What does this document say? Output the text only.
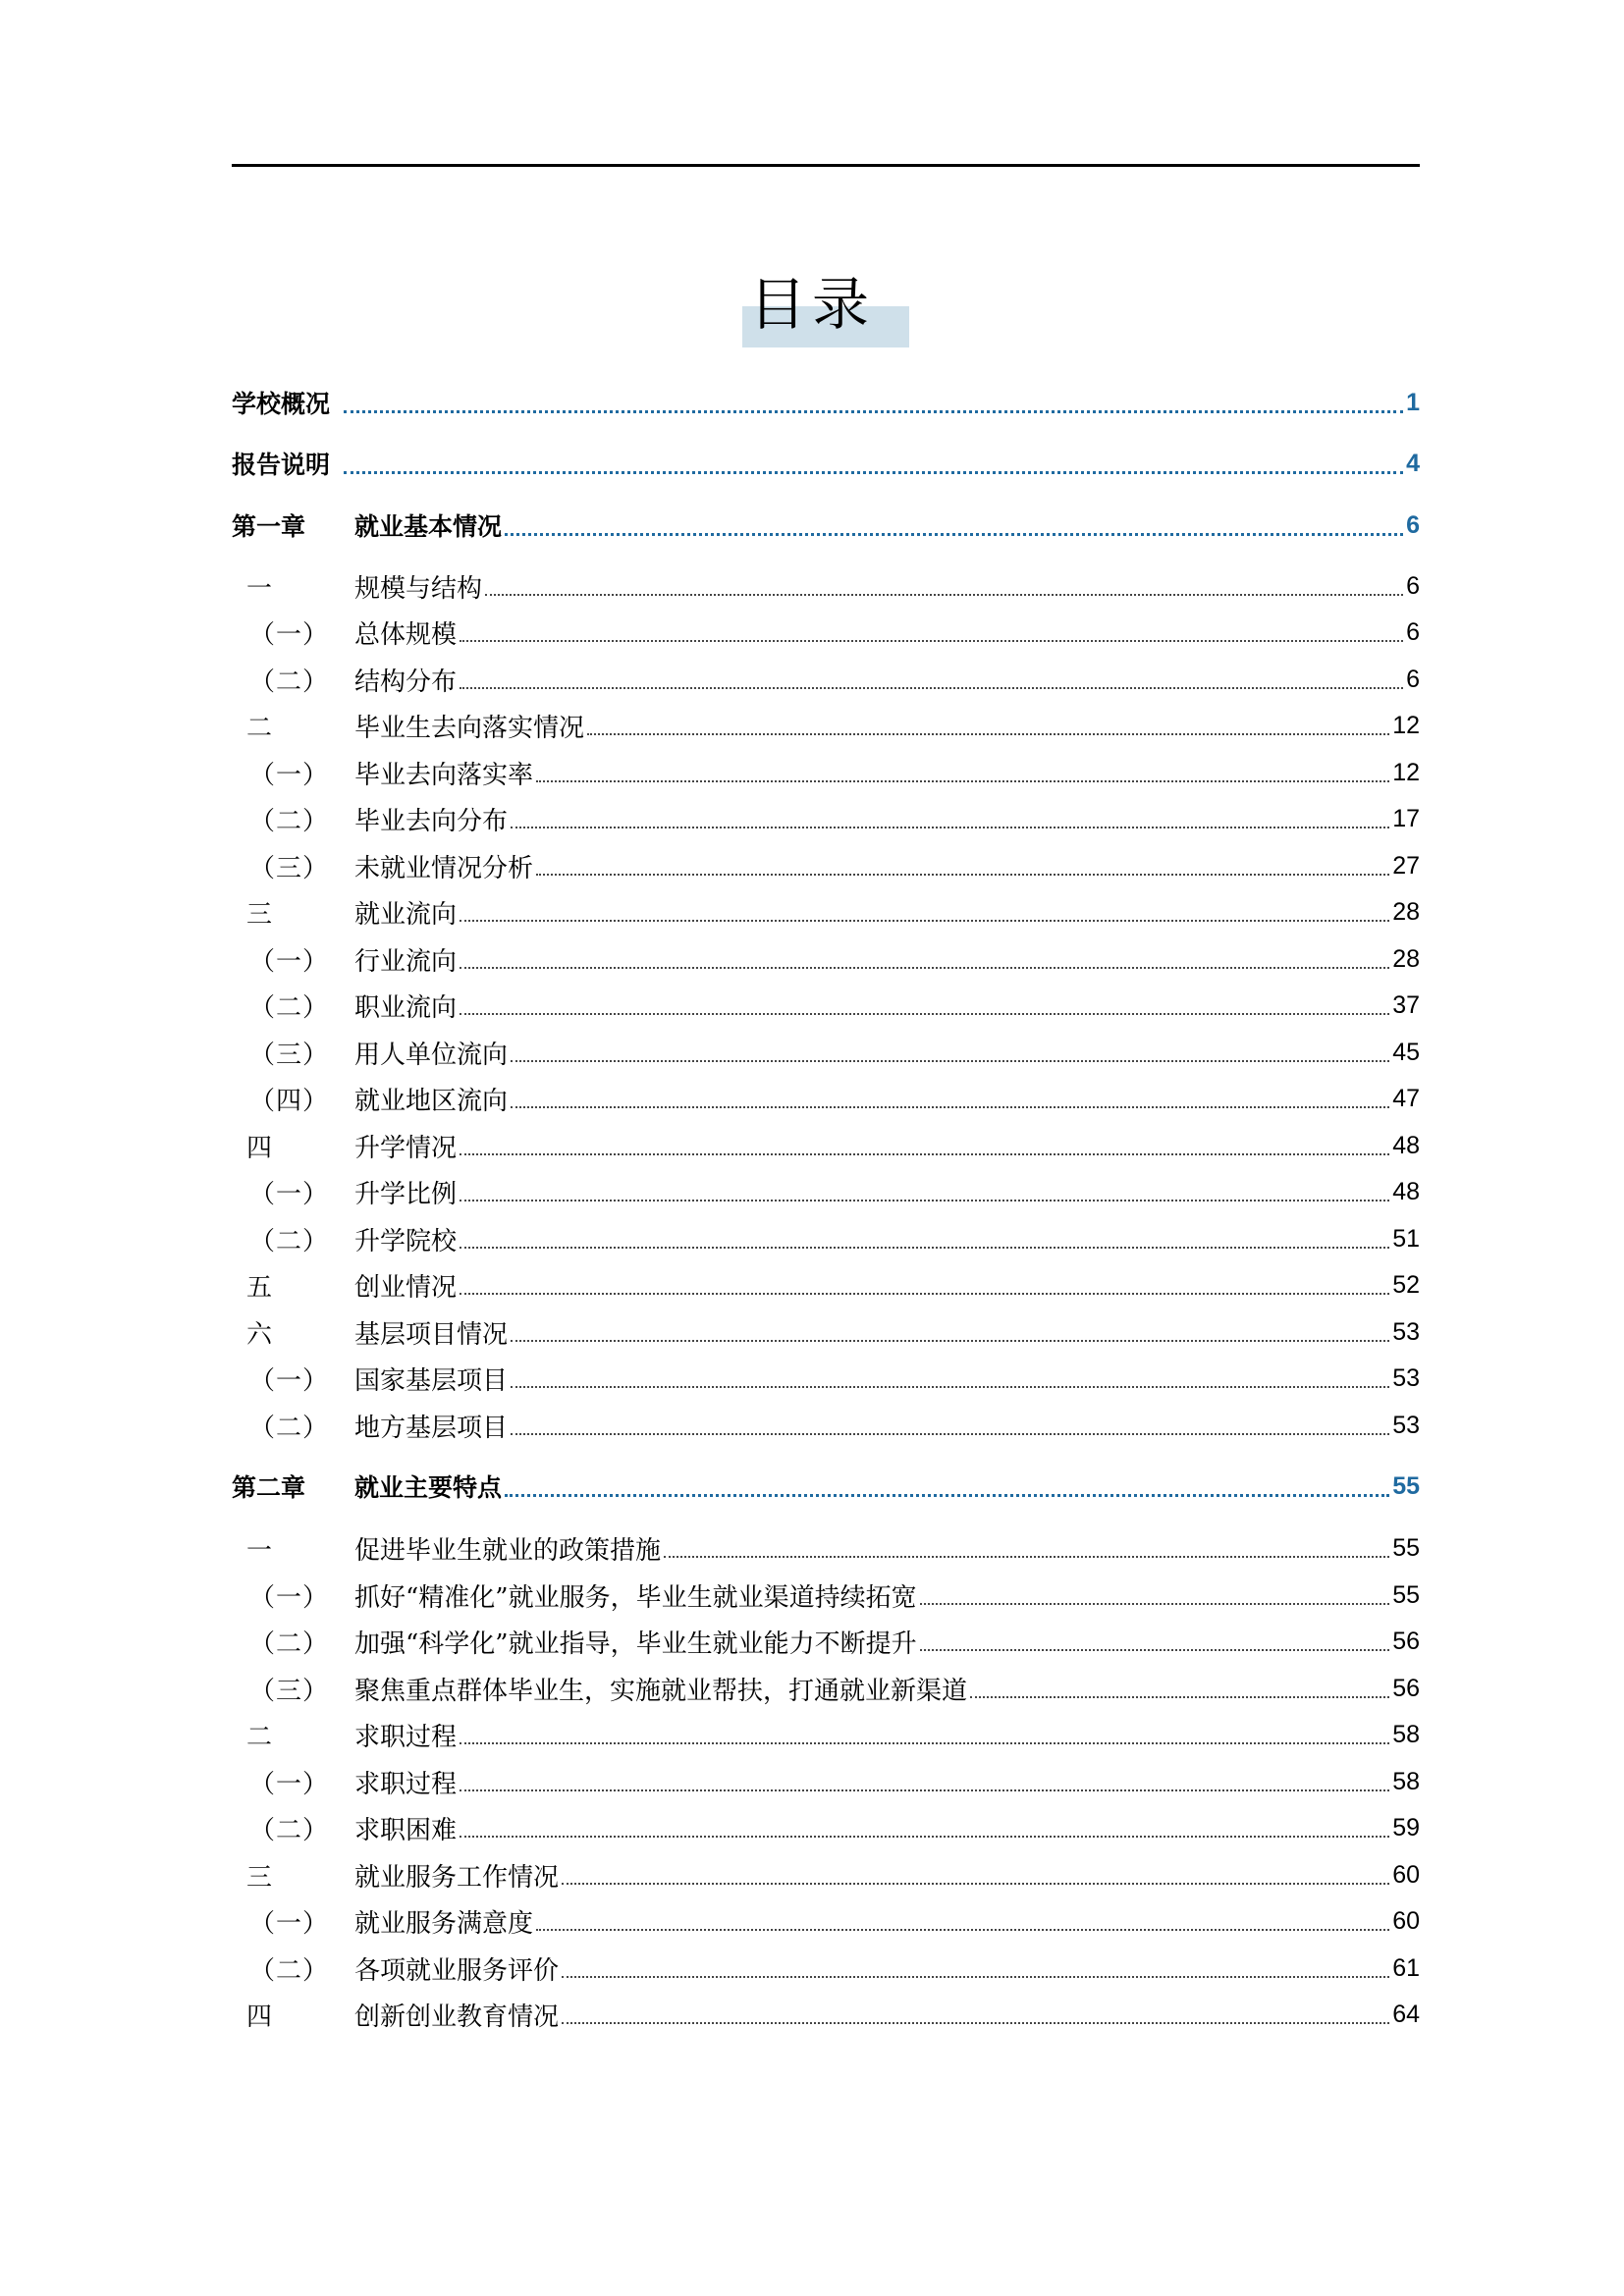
目录
学校概况	1
报告说明	4
第一章	就业基本情况	6
一	规模与结构	6
（一） 总体规模	6
（二） 结构分布	6
二	毕业生去向落实情况	12
（一） 毕业去向落实率	12
（二） 毕业去向分布	17
（三） 未就业情况分析	27
三	就业流向	28
（一） 行业流向	28
（二） 职业流向	37
（三） 用人单位流向	45
（四） 就业地区流向	47
四	升学情况	48
（一） 升学比例	48
（二） 升学院校	51
五	创业情况	52
六	基层项目情况	53
（一） 国家基层项目	53
（二） 地方基层项目	53
第二章	就业主要特点	55
一	促进毕业生就业的政策措施	55
（一） 抓好“精准化”就业服务，毕业生就业渠道持续拓宽	55
（二） 加强“科学化”就业指导，毕业生就业能力不断提升	56
（三） 聚焦重点群体毕业生，实施就业帮扶，打通就业新渠道	56
二	求职过程	58
（一） 求职过程	58
（二） 求职困难	59
三	就业服务工作情况	60
（一） 就业服务满意度	60
（二） 各项就业服务评价	61
四	创新创业教育情况	64
